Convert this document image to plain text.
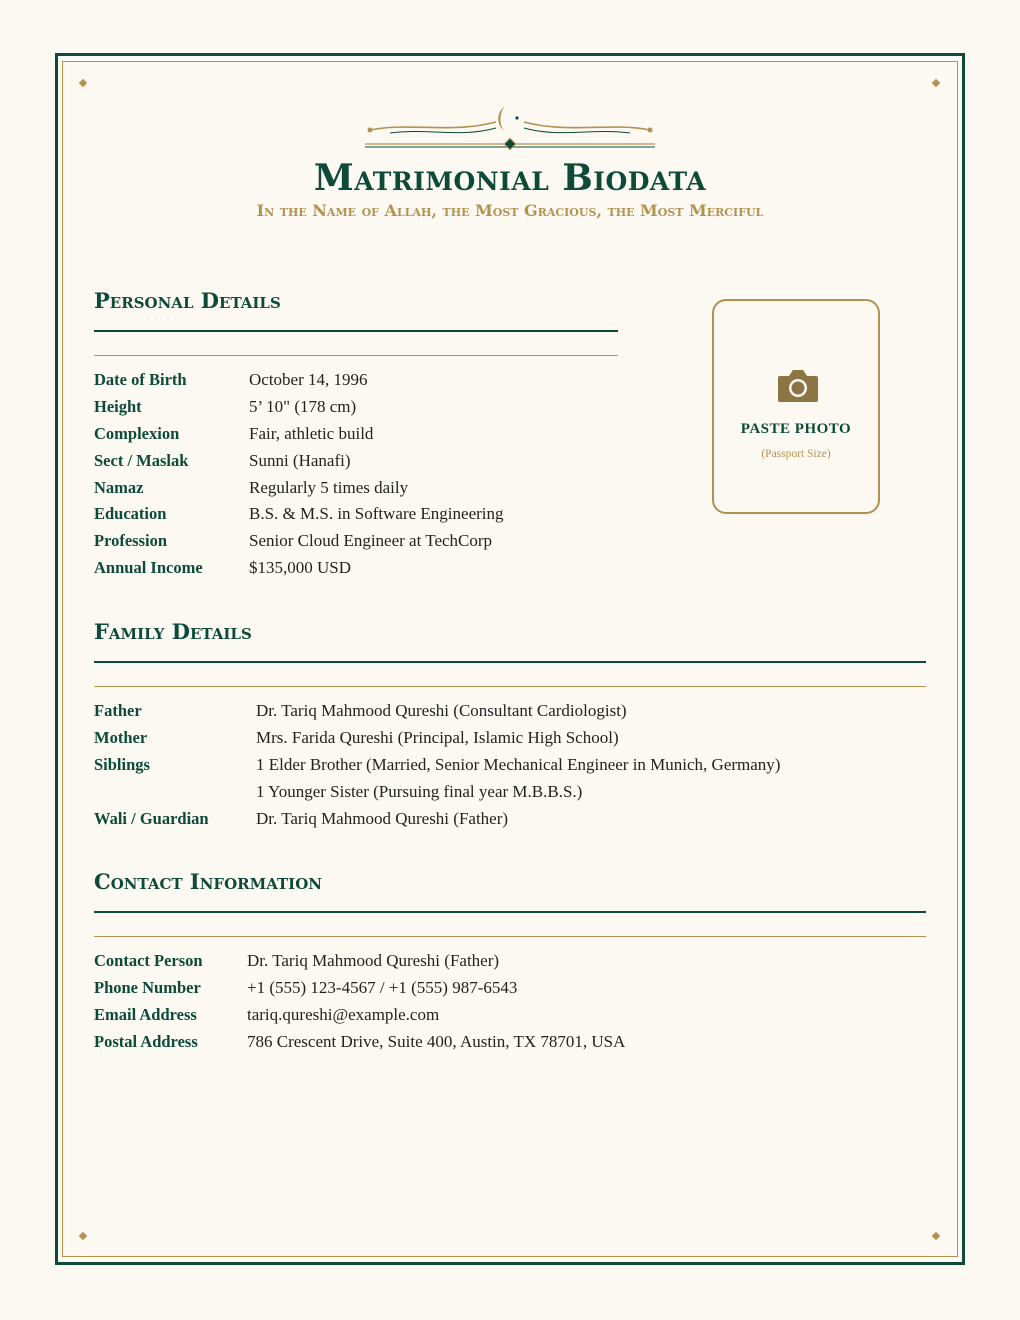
Matrimonial Biodata
In the Name of Allah, the Most Gracious, the Most Merciful
Personal Details
Date of Birth	October 14, 1996
Height	5’ 10" (178 cm)
Complexion	Fair, athletic build
Sect / Maslak	Sunni (Hanafi)
Namaz	Regularly 5 times daily
Education	B.S. & M.S. in Software Engineering
Profession	Senior Cloud Engineer at TechCorp
Annual Income	$135,000 USD
PASTE PHOTO
(Passport Size)
Family Details
Father	Dr. Tariq Mahmood Qureshi (Consultant Cardiologist)
Mother	Mrs. Farida Qureshi (Principal, Islamic High School)
Siblings	1 Elder Brother (Married, Senior Mechanical Engineer in Munich, Germany)
1 Younger Sister (Pursuing final year M.B.B.S.)
Wali / Guardian	Dr. Tariq Mahmood Qureshi (Father)
Contact Information
Contact Person	Dr. Tariq Mahmood Qureshi (Father)
Phone Number	+1 (555) 123-4567 / +1 (555) 987-6543
Email Address	tariq.qureshi@example.com
Postal Address	786 Crescent Drive, Suite 400, Austin, TX 78701, USA
